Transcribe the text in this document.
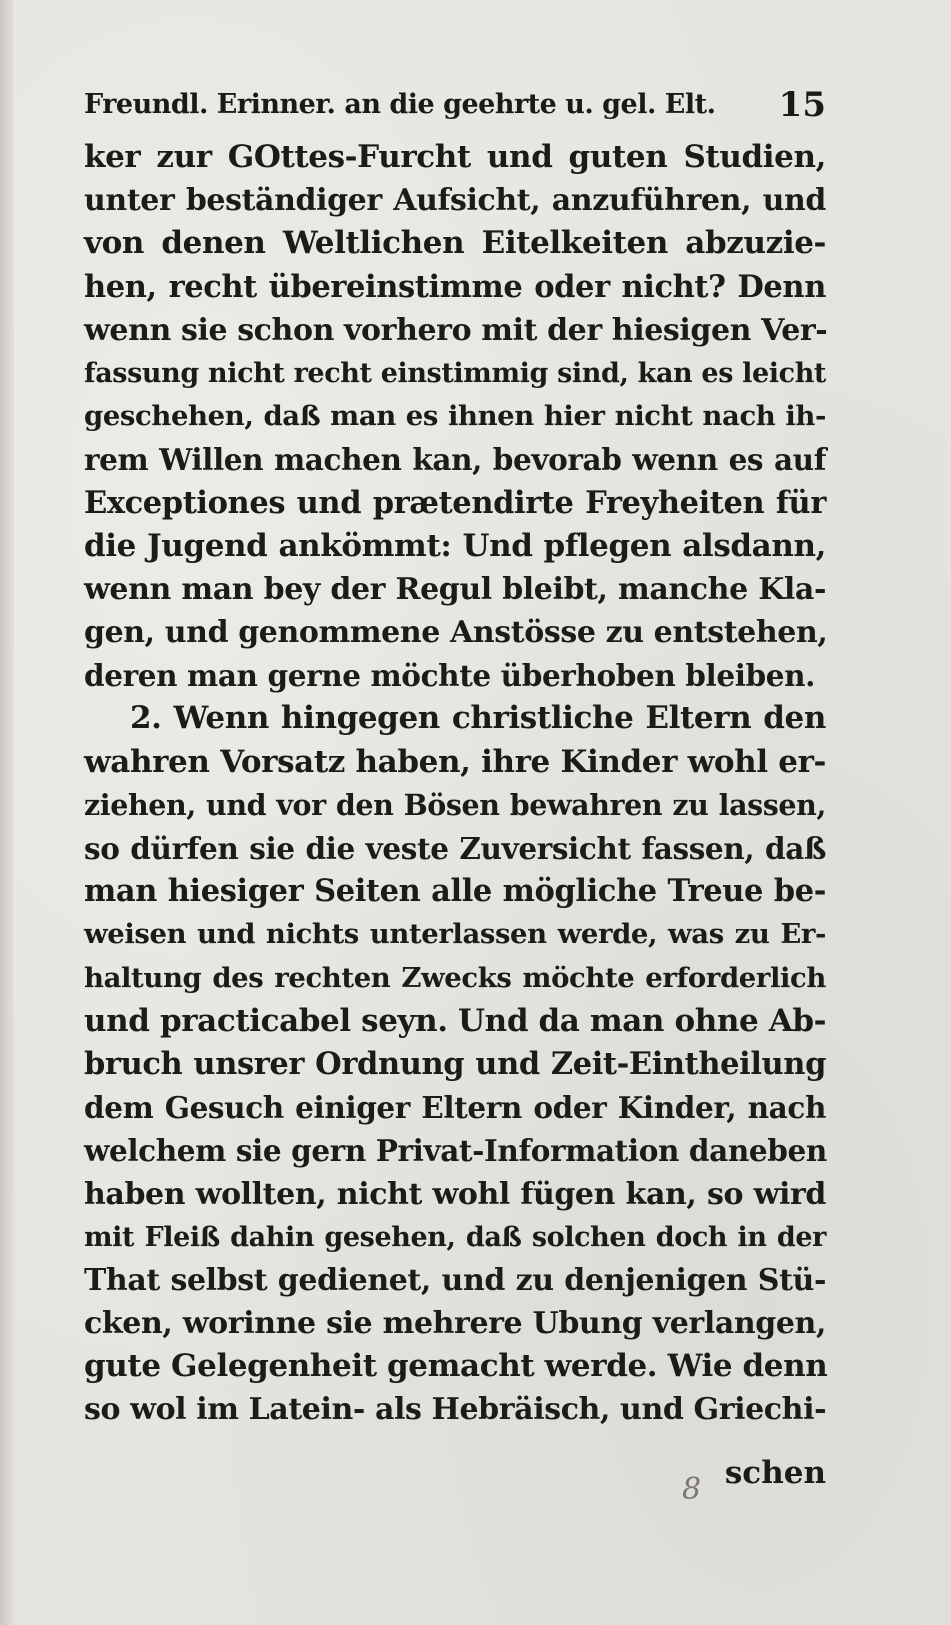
Freundl. Erinner. an die geehrte u. gel. Elt. 15
ker zur GOttes-Furcht und guten Studien,
unter beständiger Aufsicht, anzuführen, und
von denen Weltlichen Eitelkeiten abzuzie-
hen, recht übereinstimme oder nicht? Denn
wenn sie schon vorhero mit der hiesigen Ver-
fassung nicht recht einstimmig sind, kan es leicht
geschehen, daß man es ihnen hier nicht nach ih-
rem Willen machen kan, bevorab wenn es auf
Exceptiones und prætendirte Freyheiten für
die Jugend ankömmt: Und pflegen alsdann,
wenn man bey der Regul bleibt, manche Kla-
gen, und genommene Anstösse zu entstehen,
deren man gerne möchte überhoben bleiben.
2. Wenn hingegen christliche Eltern den
wahren Vorsatz haben, ihre Kinder wohl er-
ziehen, und vor den Bösen bewahren zu lassen,
so dürfen sie die veste Zuversicht fassen, daß
man hiesiger Seiten alle mögliche Treue be-
weisen und nichts unterlassen werde, was zu Er-
haltung des rechten Zwecks möchte erforderlich
und practicabel seyn. Und da man ohne Ab-
bruch unsrer Ordnung und Zeit-Eintheilung
dem Gesuch einiger Eltern oder Kinder, nach
welchem sie gern Privat-Information daneben
haben wollten, nicht wohl fügen kan, so wird
mit Fleiß dahin gesehen, daß solchen doch in der
That selbst gedienet, und zu denjenigen Stü-
cken, worinne sie mehrere Ubung verlangen,
gute Gelegenheit gemacht werde. Wie denn
so wol im Latein- als Hebräisch, und Griechi-
schen
8
